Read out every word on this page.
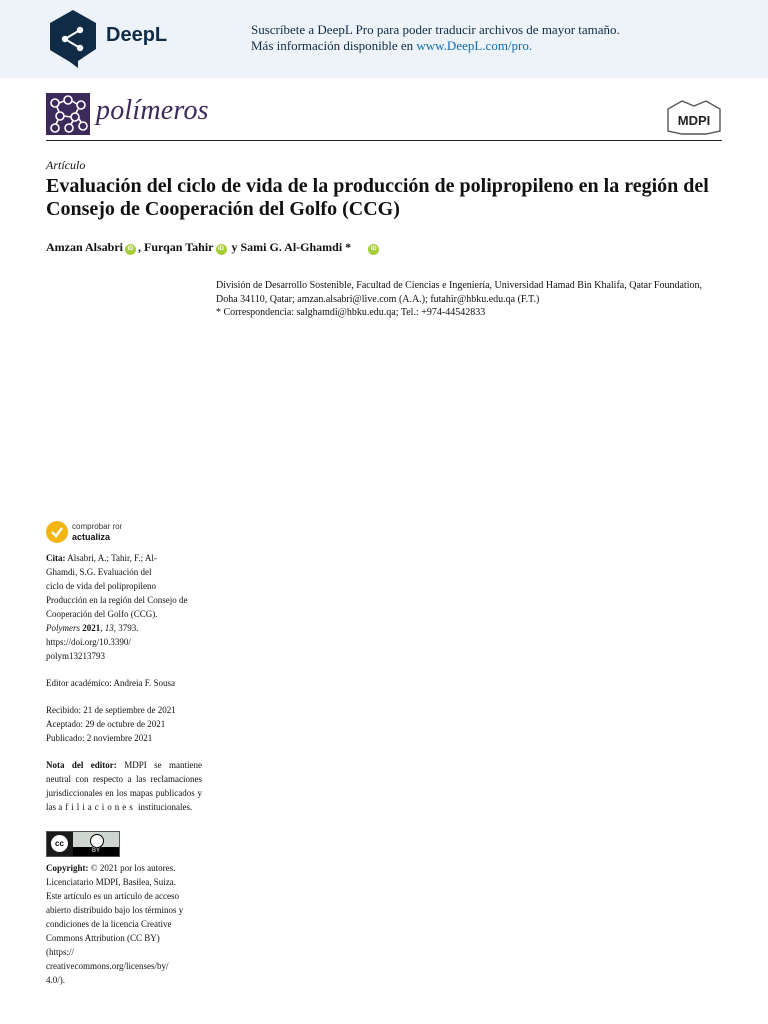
DeepL	Suscríbete a DeepL Pro para poder traducir archivos de mayor tamaño.
Más información disponible en www.DeepL.com/pro.
polímeros	MDPI
Artículo
Evaluación del ciclo de vida de la producción de polipropileno en la región del Consejo de Cooperación del Golfo (CCG)
Amzan Alsabri iD , Furqan Tahir iD y Sami G. Al-Ghamdi *	iD
División de Desarrollo Sostenible, Facultad de Ciencias e Ingeniería, Universidad Hamad Bin Khalifa, Qatar Foundation, Doha 34110, Qatar; amzan.alsabri@live.com (A.A.); futahir@hbku.edu.qa (F.T.)
* Correspondencia: salghamdi@hbku.edu.qa; Tel.: +974-44542833
comprobar ror
actualiza
Cita: Alsabri, A.; Tahir, F.; Al-
Ghamdi, S.G. Evaluación del
ciclo de vida del polipropileno
Producción en la región del Consejo de
Cooperación del Golfo (CCG).
Polymers 2021, 13, 3793.
https://doi.org/10.3390/
polym13213793
Editor académico: Andreia F. Sousa
Recibido: 21 de septiembre de 2021
Aceptado: 29 de octubre de 2021
Publicado: 2 noviembre 2021
Nota del editor: MDPI se mantiene neutral con respecto a las reclamaciones jurisdiccionales en los mapas publicados y las afiliaciones institucionales.
cc
BY
Copyright: © 2021 por los autores.
Licenciatario MDPI, Basilea, Suiza.
Este artículo es un artículo de acceso
abierto distribuido bajo los términos y
condiciones de la licencia Creative
Commons Attribution (CC BY)
(https://
creativecommons.org/licenses/by/
4.0/).
